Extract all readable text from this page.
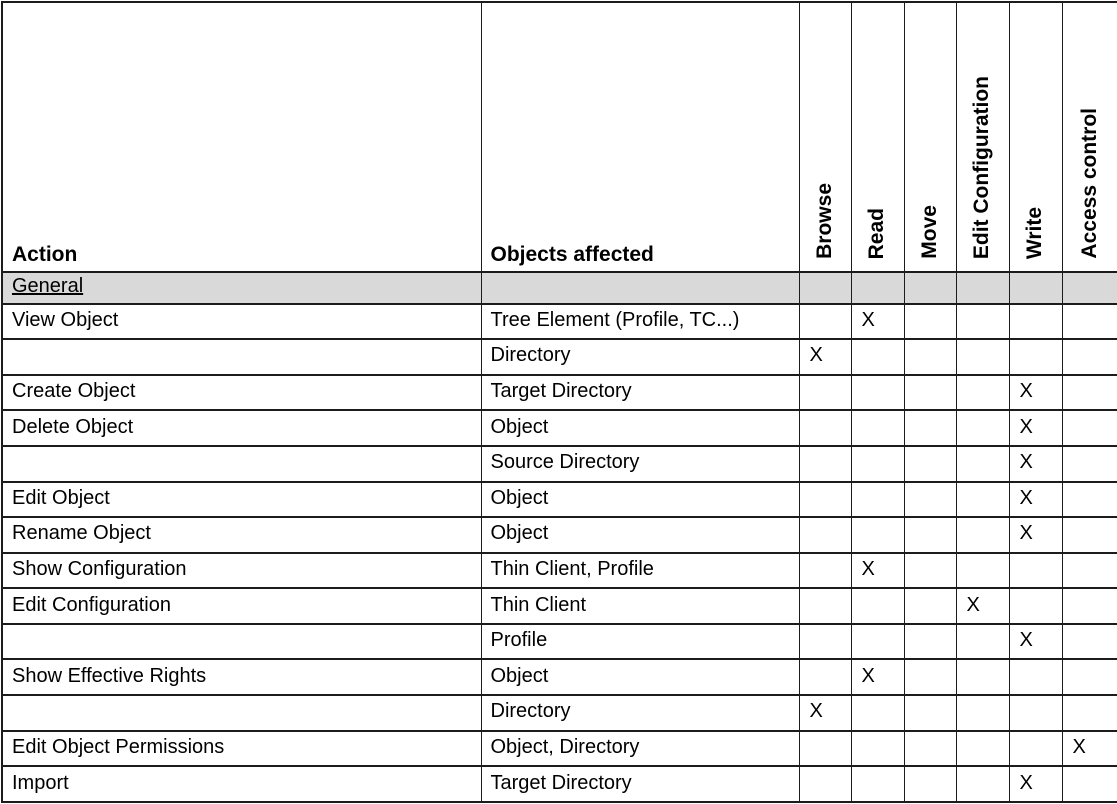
Action	Objects affected	Browse	Read	Move	Edit Configuration	Write	Access control
General							
View Object	Tree Element (Profile, TC...)		X				
	Directory	X					
Create Object	Target Directory					X	
Delete Object	Object					X	
	Source Directory					X	
Edit Object	Object					X	
Rename Object	Object					X	
Show Configuration	Thin Client, Profile		X				
Edit Configuration	Thin Client				X		
	Profile					X	
Show Effective Rights	Object		X				
	Directory	X					
Edit Object Permissions	Object, Directory						X
Import	Target Directory					X	
